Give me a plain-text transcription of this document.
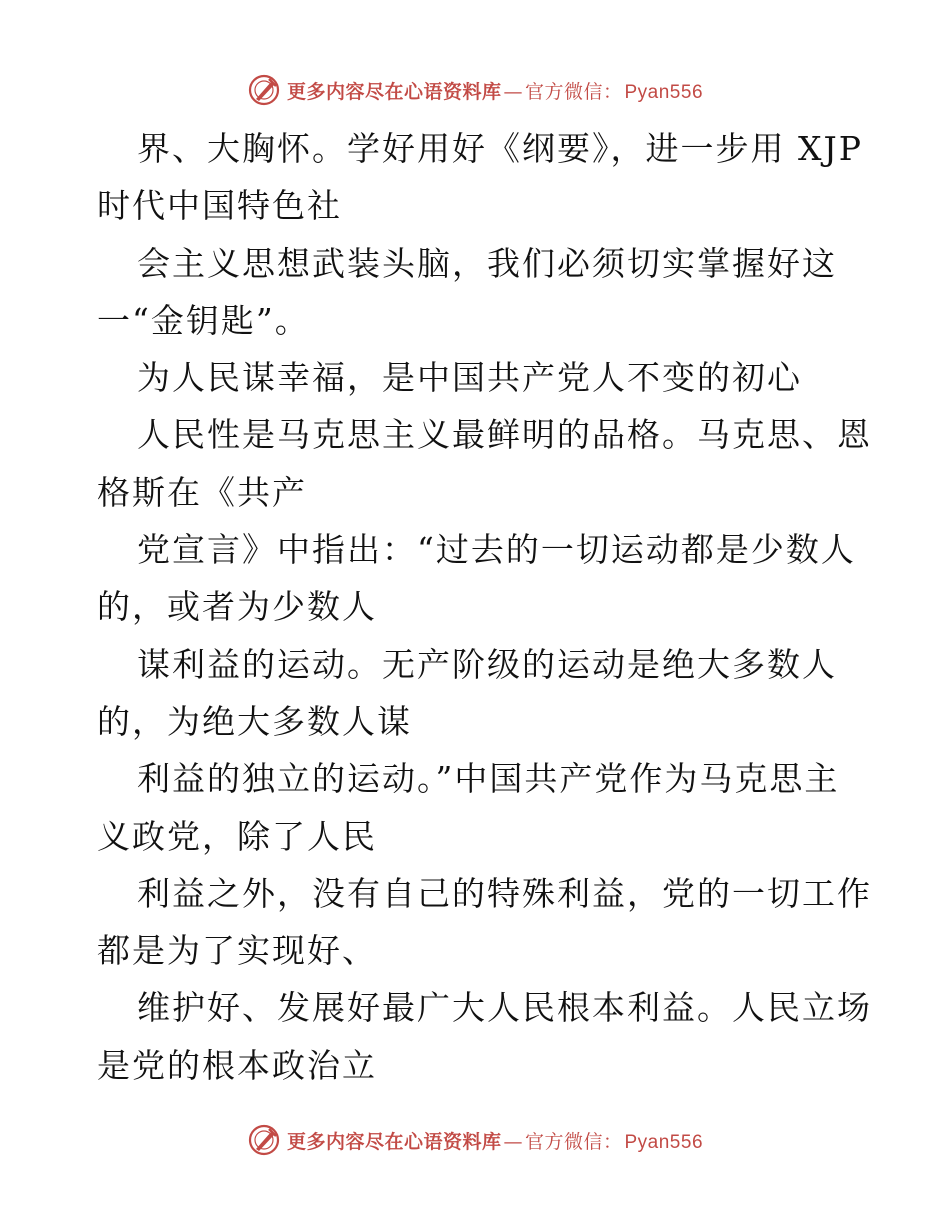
更多内容尽在心语资料库 — 官方微信： Pyan556
界、大胸怀。学好用好《纲要》，进一步用 XJP
时代中国特色社
会主义思想武装头脑，我们必须切实掌握好这
一“金钥匙”。
为人民谋幸福，是中国共产党人不变的初心
人民性是马克思主义最鲜明的品格。马克思、恩
格斯在《共产
党宣言》中指出：“过去的一切运动都是少数人
的，或者为少数人
谋利益的运动。无产阶级的运动是绝大多数人
的，为绝大多数人谋
利益的独立的运动。”中国共产党作为马克思主
义政党，除了人民
利益之外，没有自己的特殊利益，党的一切工作
都是为了实现好、
维护好、发展好最广大人民根本利益。人民立场
是党的根本政治立
更多内容尽在心语资料库 — 官方微信： Pyan556
